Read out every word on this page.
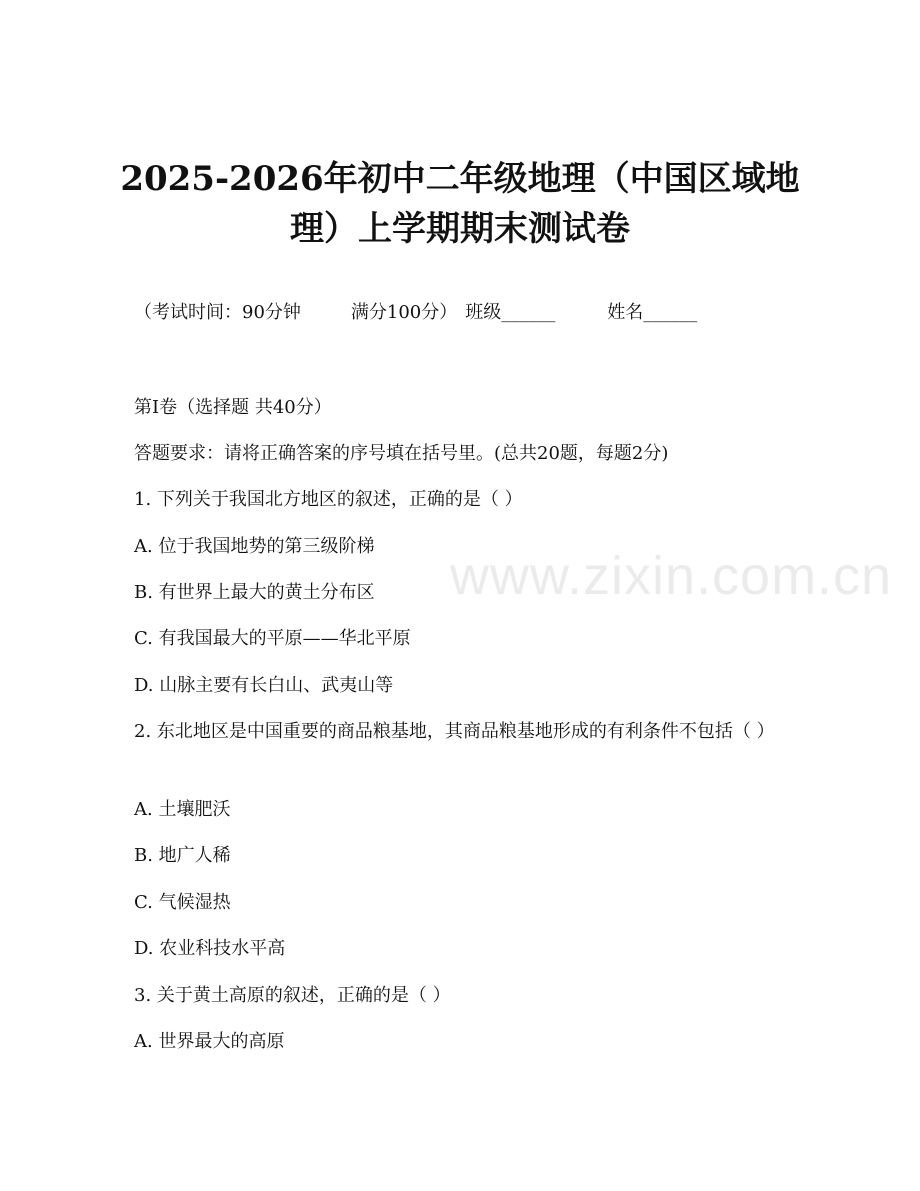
2025-2026年初中二年级地理（中国区域地
理）上学期期末测试卷
（考试时间：90分钟	满分100分） 班级______	姓名______

第Ⅰ卷（选择题 共40分）

答题要求：请将正确答案的序号填在括号里。(总共20题，每题2分)

1. 下列关于我国北方地区的叙述，正确的是（ ）

A. 位于我国地势的第三级阶梯

B. 有世界上最大的黄土分布区

C. 有我国最大的平原——华北平原

D. 山脉主要有长白山、武夷山等

2. 东北地区是中国重要的商品粮基地，其商品粮基地形成的有利条件不包括（ ）

A. 土壤肥沃

B. 地广人稀

C. 气候湿热

D. 农业科技水平高

3. 关于黄土高原的叙述，正确的是（ ）

A. 世界最大的高原

www.zixin.com.cn
